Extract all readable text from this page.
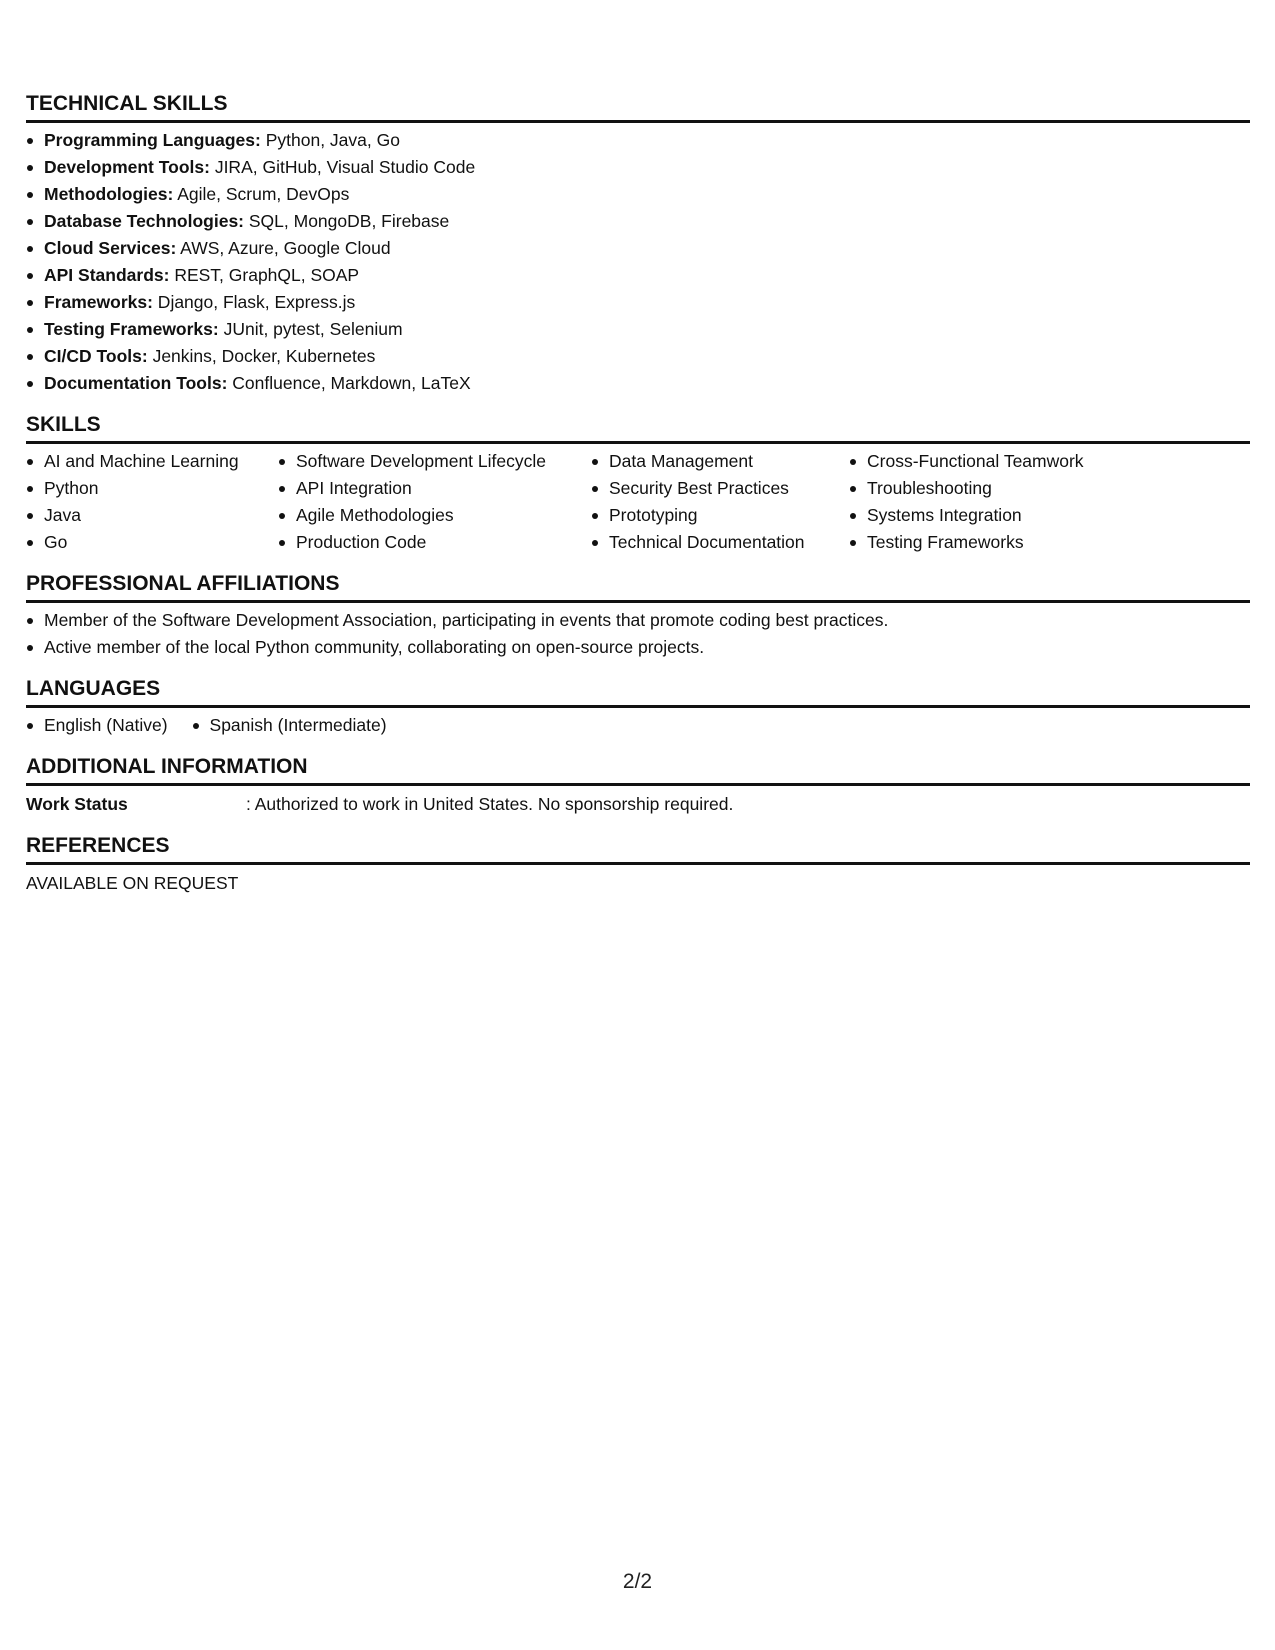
TECHNICAL SKILLS
Programming Languages: Python, Java, Go
Development Tools: JIRA, GitHub, Visual Studio Code
Methodologies: Agile, Scrum, DevOps
Database Technologies: SQL, MongoDB, Firebase
Cloud Services: AWS, Azure, Google Cloud
API Standards: REST, GraphQL, SOAP
Frameworks: Django, Flask, Express.js
Testing Frameworks: JUnit, pytest, Selenium
CI/CD Tools: Jenkins, Docker, Kubernetes
Documentation Tools: Confluence, Markdown, LaTeX
SKILLS
AI and Machine Learning
Python
Java
Go
Software Development Lifecycle
API Integration
Agile Methodologies
Production Code
Data Management
Security Best Practices
Prototyping
Technical Documentation
Cross-Functional Teamwork
Troubleshooting
Systems Integration
Testing Frameworks
PROFESSIONAL AFFILIATIONS
Member of the Software Development Association, participating in events that promote coding best practices.
Active member of the local Python community, collaborating on open-source projects.
LANGUAGES
English (Native)	Spanish (Intermediate)
ADDITIONAL INFORMATION
Work Status	: Authorized to work in United States. No sponsorship required.
REFERENCES
AVAILABLE ON REQUEST
2/2
